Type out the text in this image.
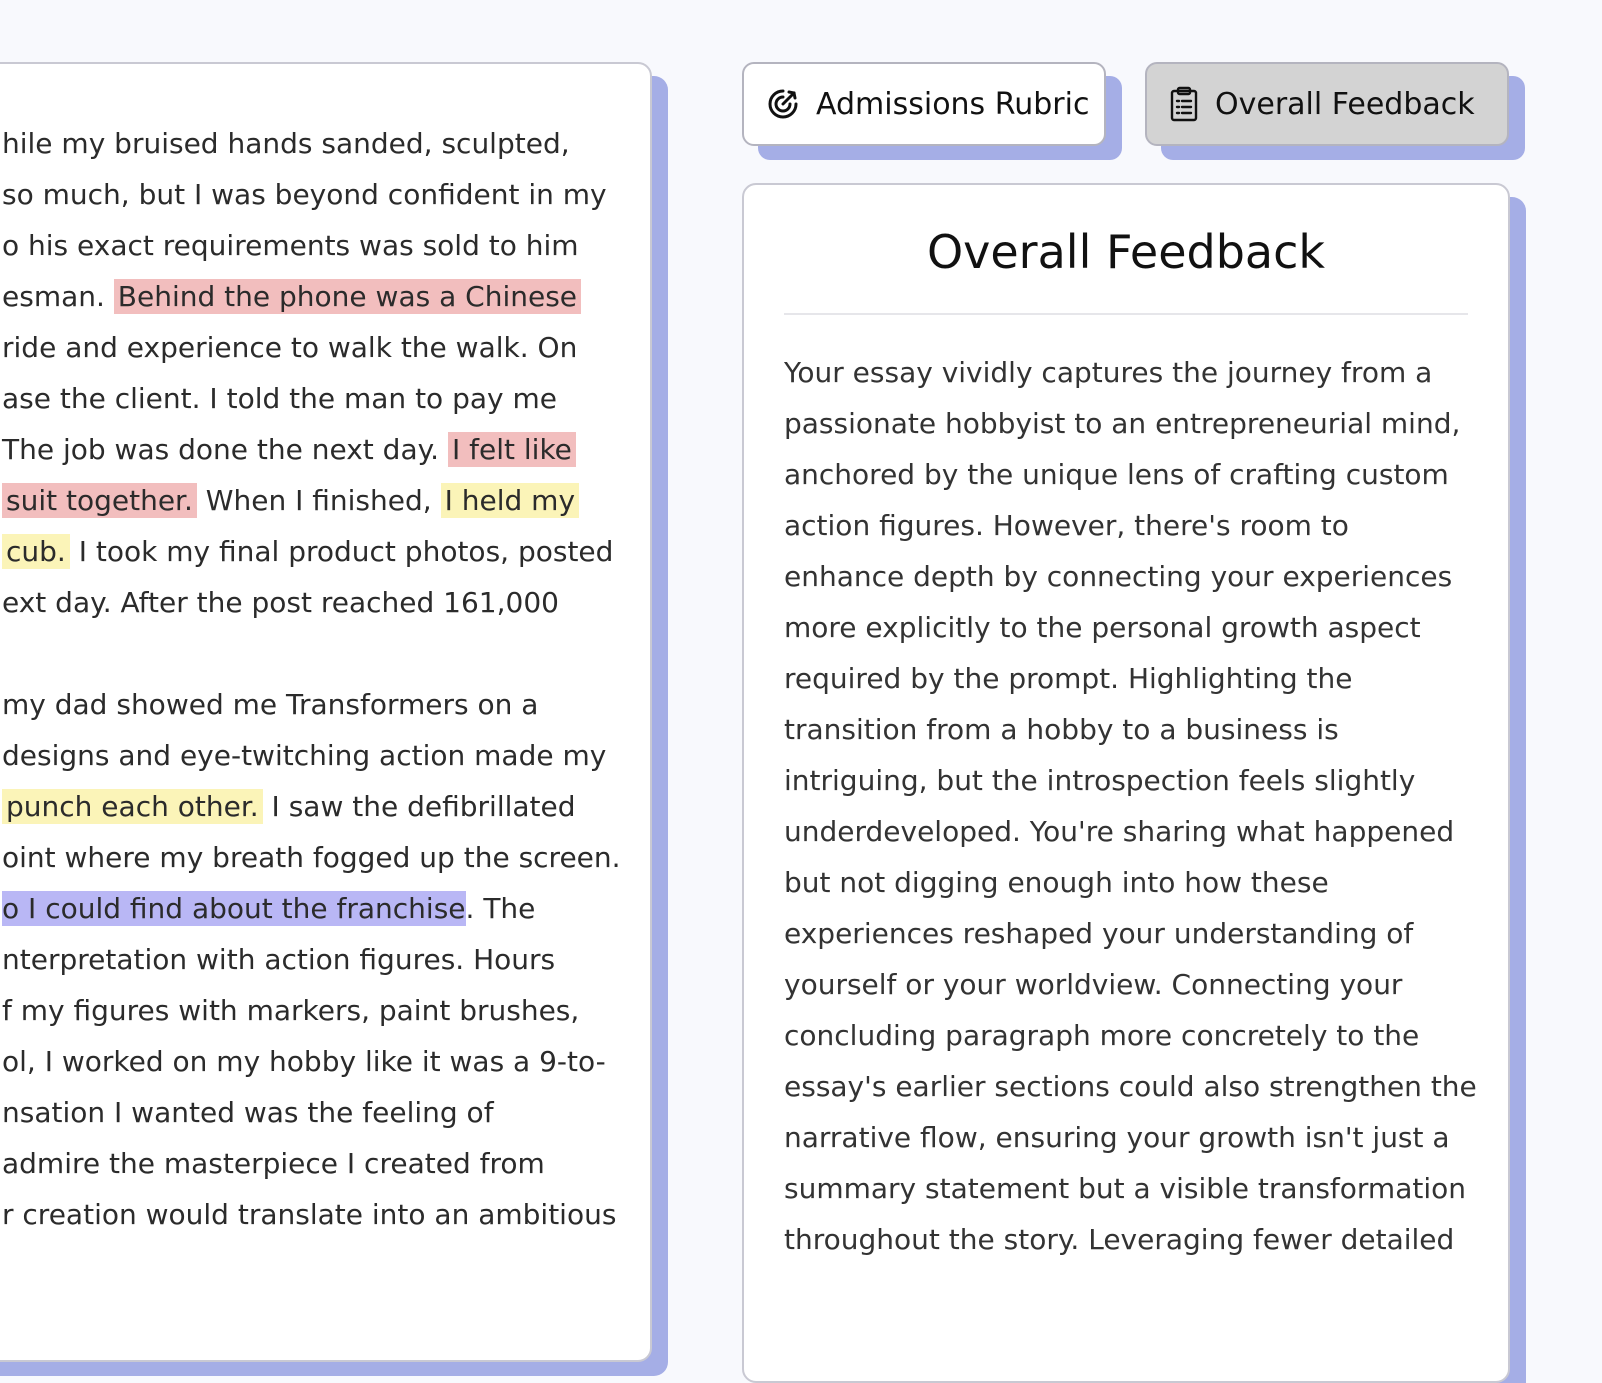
hile my bruised hands sanded, sculpted,
so much, but I was beyond confident in my
o his exact requirements was sold to him
esman. Behind the phone was a Chinese
ride and experience to walk the walk. On
ase the client. I told the man to pay me
The job was done the next day. I felt like
suit together. When I finished, I held my
cub. I took my final product photos, posted
ext day. After the post reached 161,000
my dad showed me Transformers on a
designs and eye-twitching action made my
punch each other. I saw the defibrillated
oint where my breath fogged up the screen.
o I could find about the franchise. The
nterpretation with action figures. Hours
f my figures with markers, paint brushes,
ol, I worked on my hobby like it was a 9-to-
nsation I wanted was the feeling of
admire the masterpiece I created from
r creation would translate into an ambitious
Admissions Rubric	Overall Feedback
Overall Feedback
Your essay vividly captures the journey from a
passionate hobbyist to an entrepreneurial mind,
anchored by the unique lens of crafting custom
action figures. However, there's room to
enhance depth by connecting your experiences
more explicitly to the personal growth aspect
required by the prompt. Highlighting the
transition from a hobby to a business is
intriguing, but the introspection feels slightly
underdeveloped. You're sharing what happened
but not digging enough into how these
experiences reshaped your understanding of
yourself or your worldview. Connecting your
concluding paragraph more concretely to the
essay's earlier sections could also strengthen the
narrative flow, ensuring your growth isn't just a
summary statement but a visible transformation
throughout the story. Leveraging fewer detailed
